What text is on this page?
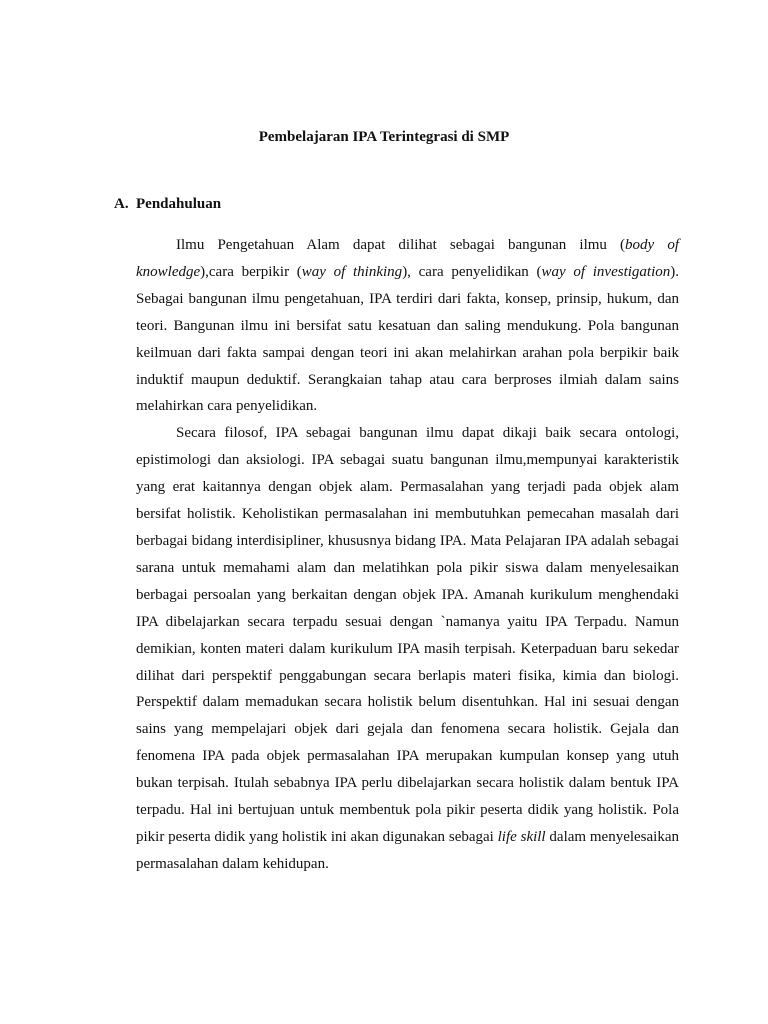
Pembelajaran IPA Terintegrasi di SMP
A. Pendahuluan

Ilmu Pengetahuan Alam dapat dilihat sebagai bangunan ilmu (body of knowledge),cara berpikir (way of thinking), cara penyelidikan (way of investigation). Sebagai bangunan ilmu pengetahuan, IPA terdiri dari fakta, konsep, prinsip, hukum, dan teori. Bangunan ilmu ini bersifat satu kesatuan dan saling mendukung. Pola bangunan keilmuan dari fakta sampai dengan teori ini akan melahirkan arahan pola berpikir baik induktif maupun deduktif. Serangkaian tahap atau cara berproses ilmiah dalam sains melahirkan cara penyelidikan.

Secara filosof, IPA sebagai bangunan ilmu dapat dikaji baik secara ontologi, epistimologi dan aksiologi. IPA sebagai suatu bangunan ilmu,mempunyai karakteristik yang erat kaitannya dengan objek alam. Permasalahan yang terjadi pada objek alam bersifat holistik. Keholistikan permasalahan ini membutuhkan pemecahan masalah dari berbagai bidang interdisipliner, khususnya bidang IPA. Mata Pelajaran IPA adalah sebagai sarana untuk memahami alam dan melatihkan pola pikir siswa dalam menyelesaikan berbagai persoalan yang berkaitan dengan objek IPA. Amanah kurikulum menghendaki IPA dibelajarkan secara terpadu sesuai dengan `namanya yaitu IPA Terpadu. Namun demikian, konten materi dalam kurikulum IPA masih terpisah. Keterpaduan baru sekedar dilihat dari perspektif penggabungan secara berlapis materi fisika, kimia dan biologi. Perspektif dalam memadukan secara holistik belum disentuhkan. Hal ini sesuai dengan sains yang mempelajari objek dari gejala dan fenomena secara holistik. Gejala dan fenomena IPA pada objek permasalahan IPA merupakan kumpulan konsep yang utuh bukan terpisah. Itulah sebabnya IPA perlu dibelajarkan secara holistik dalam bentuk IPA terpadu. Hal ini bertujuan untuk membentuk pola pikir peserta didik yang holistik. Pola pikir peserta didik yang holistik ini akan digunakan sebagai life skill dalam menyelesaikan permasalahan dalam kehidupan.
